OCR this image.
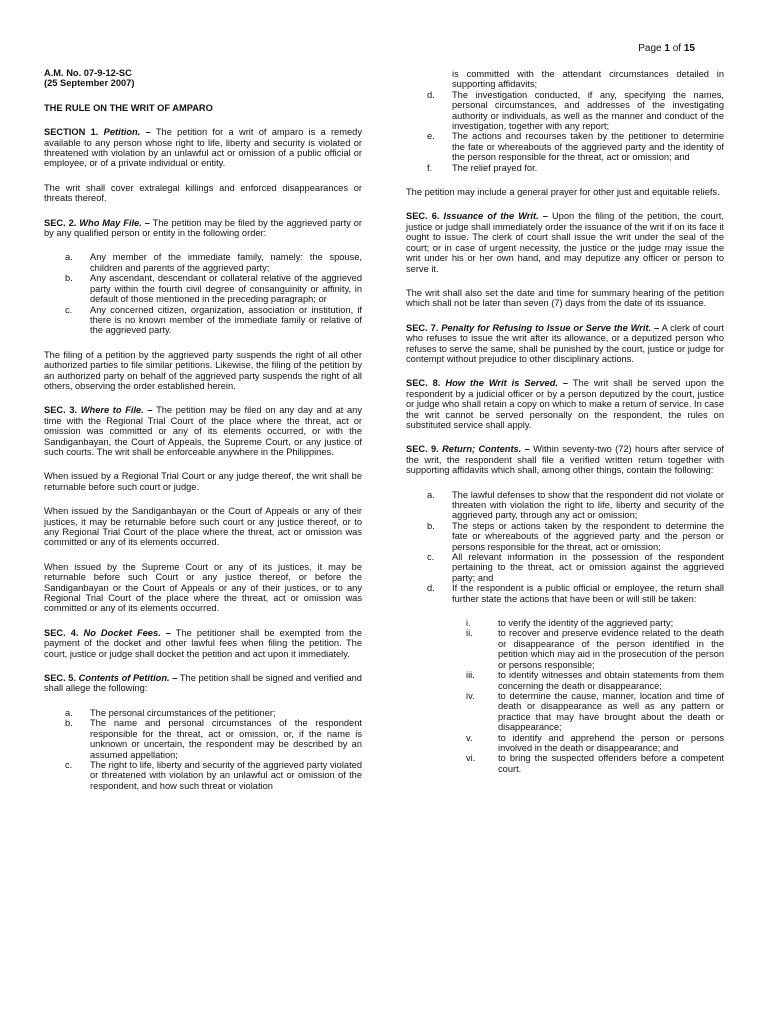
Page 1 of 15

A.M. No. 07-9-12-SC

(25 September 2007)

THE RULE ON THE WRIT OF AMPARO

SECTION 1. Petition. – The petition for a writ of amparo is a remedy available to any person whose right to life, liberty and security is violated or threatened with violation by an unlawful act or omission of a public official or employee, or of a private individual or entity.

The writ shall cover extralegal killings and enforced disappearances or threats thereof.

SEC. 2. Who May File. – The petition may be filed by the aggrieved party or by any qualified person or entity in the following order:

a.	Any member of the immediate family, namely: the spouse, children and parents of the aggrieved party;
b.	Any ascendant, descendant or collateral relative of the aggrieved party within the fourth civil degree of consanguinity or affinity, in default of those mentioned in the preceding paragraph; or
c.	Any concerned citizen, organization, association or institution, if there is no known member of the immediate family or relative of the aggrieved party.

The filing of a petition by the aggrieved party suspends the right of all other authorized parties to file similar petitions. Likewise, the filing of the petition by an authorized party on behalf of the aggrieved party suspends the right of all others, observing the order established herein.

SEC. 3. Where to File. – The petition may be filed on any day and at any time with the Regional Trial Court of the place where the threat, act or omission was committed or any of its elements occurred, or with the Sandiganbayan, the Court of Appeals, the Supreme Court, or any justice of such courts. The writ shall be enforceable anywhere in the Philippines.

When issued by a Regional Trial Court or any judge thereof, the writ shall be returnable before such court or judge.

When issued by the Sandiganbayan or the Court of Appeals or any of their justices, it may be returnable before such court or any justice thereof, or to any Regional Trial Court of the place where the threat, act or omission was committed or any of its elements occurred.

When issued by the Supreme Court or any of its justices, it may be returnable before such Court or any justice thereof, or before the Sandiganbayan or the Court of Appeals or any of their justices, or to any Regional Trial Court of the place where the threat, act or omission was committed or any of its elements occurred.

SEC. 4. No Docket Fees. – The petitioner shall be exempted from the payment of the docket and other lawful fees when filing the petition. The court, justice or judge shall docket the petition and act upon it immediately.

SEC. 5. Contents of Petition. – The petition shall be signed and verified and shall allege the following:

a.	The personal circumstances of the petitioner;
b.	The name and personal circumstances of the respondent responsible for the threat, act or omission, or, if the name is unknown or uncertain, the respondent may be described by an assumed appellation;
c.	The right to life, liberty and security of the aggrieved party violated or threatened with violation by an unlawful act or omission of the respondent, and how such threat or violation
is committed with the attendant circumstances detailed in supporting affidavits;
d.	The investigation conducted, if any, specifying the names, personal circumstances, and addresses of the investigating authority or individuals, as well as the manner and conduct of the investigation, together with any report;
e.	The actions and recourses taken by the petitioner to determine the fate or whereabouts of the aggrieved party and the identity of the person responsible for the threat, act or omission; and
f.	The relief prayed for.

The petition may include a general prayer for other just and equitable reliefs.

SEC. 6. Issuance of the Writ. – Upon the filing of the petition, the court, justice or judge shall immediately order the issuance of the writ if on its face it ought to issue. The clerk of court shall issue the writ under the seal of the court; or in case of urgent necessity, the justice or the judge may issue the writ under his or her own hand, and may deputize any officer or person to serve it.

The writ shall also set the date and time for summary hearing of the petition which shall not be later than seven (7) days from the date of its issuance.

SEC. 7. Penalty for Refusing to Issue or Serve the Writ. – A clerk of court who refuses to issue the writ after its allowance, or a deputized person who refuses to serve the same, shall be punished by the court, justice or judge for contempt without prejudice to other disciplinary actions.

SEC. 8. How the Writ is Served. – The writ shall be served upon the respondent by a judicial officer or by a person deputized by the court, justice or judge who shall retain a copy on which to make a return of service. In case the writ cannot be served personally on the respondent, the rules on substituted service shall apply.

SEC. 9. Return; Contents. – Within seventy-two (72) hours after service of the writ, the respondent shall file a verified written return together with supporting affidavits which shall, among other things, contain the following:

a.	The lawful defenses to show that the respondent did not violate or threaten with violation the right to life, liberty and security of the aggrieved party, through any act or omission;
b.	The steps or actions taken by the respondent to determine the fate or whereabouts of the aggrieved party and the person or persons responsible for the threat, act or omission;
c.	All relevant information in the possession of the respondent pertaining to the threat, act or omission against the aggrieved party; and
d.	If the respondent is a public official or employee, the return shall further state the actions that have been or will still be taken:
i.	to verify the identity of the aggrieved party;
ii.	to recover and preserve evidence related to the death or disappearance of the person identified in the petition which may aid in the prosecution of the person or persons responsible;
iii.	to identify witnesses and obtain statements from them concerning the death or disappearance;
iv.	to determine the cause, manner, location and time of death or disappearance as well as any pattern or practice that may have brought about the death or disappearance;
v.	to identify and apprehend the person or persons involved in the death or disappearance; and
vi.	to bring the suspected offenders before a competent court.
